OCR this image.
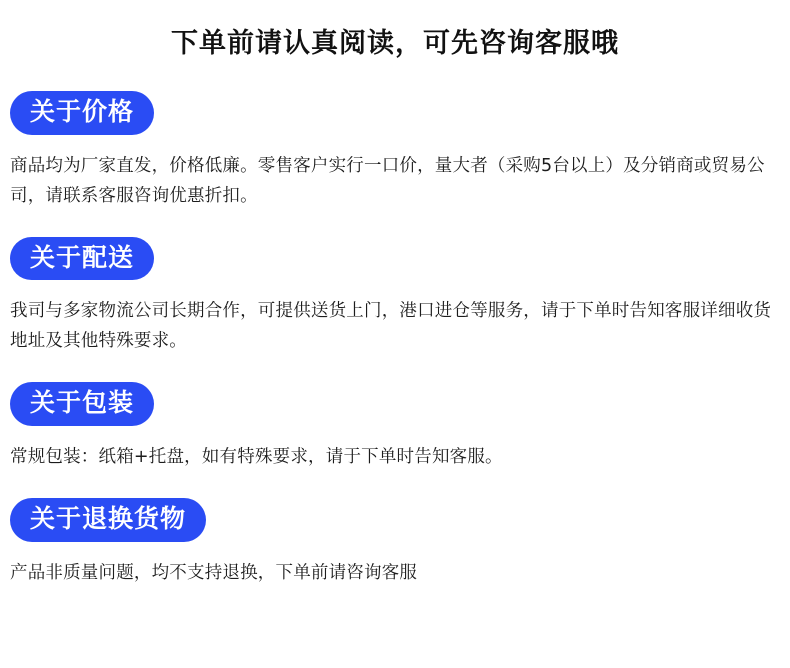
下单前请认真阅读，可先咨询客服哦
关于价格

商品均为厂家直发，价格低廉。零售客户实行一口价，量大者（采购5台以上）及分销商或贸易公司，请联系客服咨询优惠折扣。

关于配送

我司与多家物流公司长期合作，可提供送货上门，港口进仓等服务，请于下单时告知客服详细收货地址及其他特殊要求。

关于包装

常规包装：纸箱+托盘，如有特殊要求，请于下单时告知客服。

关于退换货物

产品非质量问题，均不支持退换，下单前请咨询客服
